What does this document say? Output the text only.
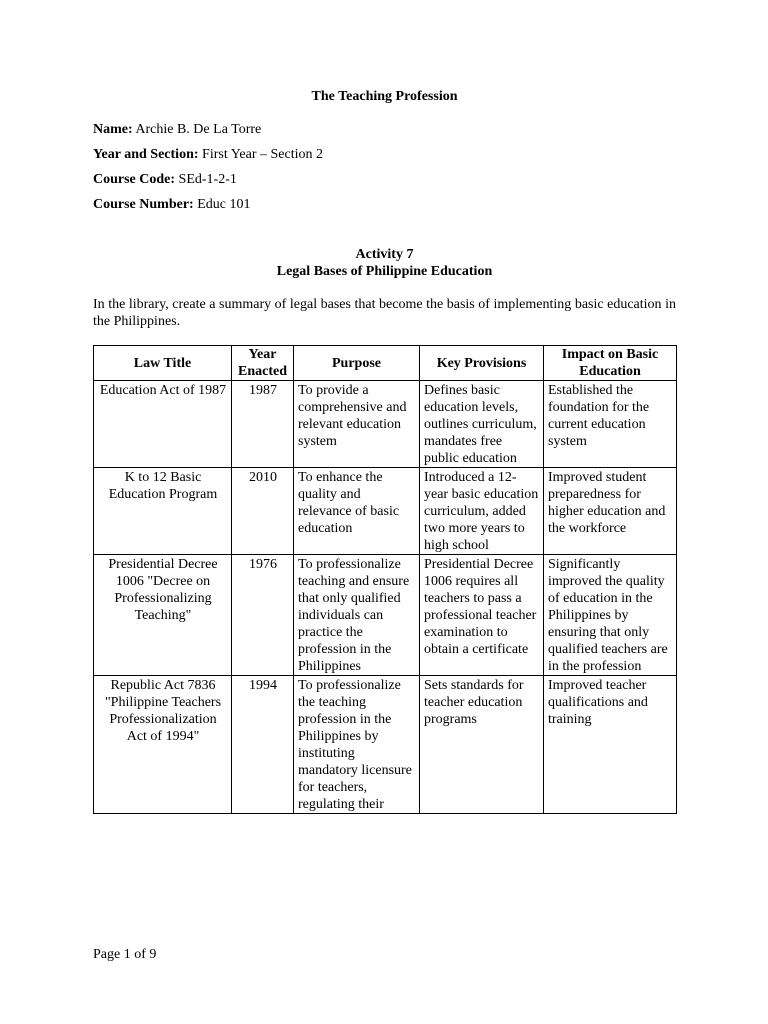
The Teaching Profession
Name: Archie B. De La Torre
Year and Section: First Year – Section 2
Course Code: SEd-1-2-1
Course Number: Educ 101
Activity 7
Legal Bases of Philippine Education
In the library, create a summary of legal bases that become the basis of implementing basic education in the Philippines.
Law Title	Year Enacted	Purpose	Key Provisions	Impact on Basic Education
Education Act of 1987	1987	To provide a comprehensive and relevant education system	Defines basic education levels, outlines curriculum, mandates free public education	Established the foundation for the current education system
K to 12 Basic Education Program	2010	To enhance the quality and relevance of basic education	Introduced a 12-year basic education curriculum, added two more years to high school	Improved student preparedness for higher education and the workforce
Presidential Decree 1006 "Decree on Professionalizing Teaching"	1976	To professionalize teaching and ensure that only qualified individuals can practice the profession in the Philippines	Presidential Decree 1006 requires all teachers to pass a professional teacher examination to obtain a certificate	Significantly improved the quality of education in the Philippines by ensuring that only qualified teachers are in the profession
Republic Act 7836 "Philippine Teachers Professionalization Act of 1994"	1994	To professionalize the teaching profession in the Philippines by instituting mandatory licensure for teachers, regulating their	Sets standards for teacher education programs	Improved teacher qualifications and training
Page 1 of 9
